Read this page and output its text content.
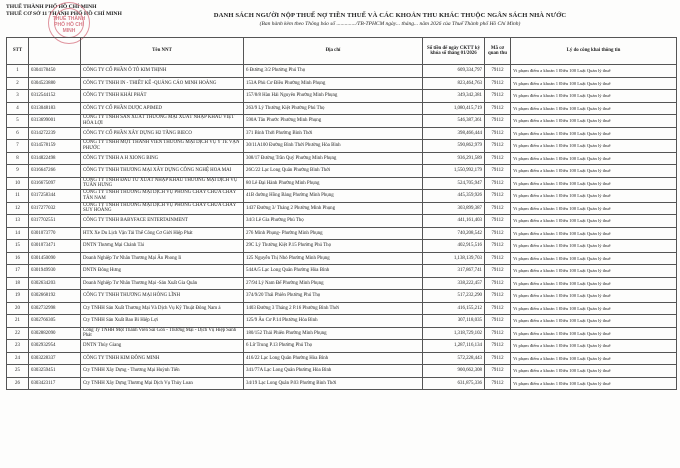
THUẾ THÀNH PHỐ HỒ CHÍ MINH
THUẾ CƠ SỞ 11 THÀNH PHỐ HỒ CHÍ MINH
THUẾ THÀNH PHỐ HỒ CHÍ MINH
DANH SÁCH NGƯỜI NỘP THUẾ NỢ TIỀN THUẾ VÀ CÁC KHOẢN THU KHÁC THUỘC NGÂN SÁCH NHÀ NƯỚC
(Ban hành kèm theo Thông báo số ............../TB-TPHCM ngày... tháng... năm 2026 của Thuế Thành phố Hồ Chí Minh)
STT		Tên NNT	Địa chỉ	Số tiền để ngày CKTT kỳ khóa số tháng 01/2026	Mã cơ quan thu	Lý do công khai thông tin
1	0304178450	CÔNG TY CỔ PHẦN Ô TÔ KIM THỊNH	6 Đường 3/2 Phường Phú Thọ	609,334,797	79112	Vi phạm điểm a khoản 1 Điều 100 Luật Quản lý thuế
2	0304523880	CÔNG TY TNHH IN - THIẾT KẾ -QUẢNG CÁO MINH HOÀNG	153A Phù Cơ Điều Phường Minh Phụng	823,464,763	79112	Vi phạm điểm a khoản 1 Điều 100 Luật Quản lý thuế
3	0312544152	CÔNG TY TNHH KHẢI PHÁT	157/8/8 Hàn Hải Nguyên Phường Minh Phụng	349,342,381	79112	Vi phạm điểm a khoản 1 Điều 100 Luật Quản lý thuế
4	0313048183	CÔNG TY CỔ PHẦN DƯỢC APIMED	263/9 Lý Thường Kiệt Phường Phú Thọ	1,080,415,719	79112	Vi phạm điểm a khoản 1 Điều 100 Luật Quản lý thuế
5	0313699001	CÔNG TY TNHH SẢN XUẤT THƯƠNG MẠI XUẤT NHẬP KHẨU VIỆT HÒA LỢI	590A Tân Phước Phường Minh Phụng	546,387,361	79112	Vi phạm điểm a khoản 1 Điều 100 Luật Quản lý thuế
6	0314272239	CÔNG TY CỔ PHẦN XÂY DỰNG H2 TĂNG BIECO	371 Bình Thới Phường Bình Thới	398,466,444	79112	Vi phạm điểm a khoản 1 Điều 100 Luật Quản lý thuế
7	0314578159	CÔNG TY TNHH MỘT THÀNH VIÊN THƯƠNG MẠI DỊCH VỤ Y TẾ VẠN PHƯỚC	30/11A100 Đường Bình Thới Phường Hòa Bình	590,862,979	79112	Vi phạm điểm a khoản 1 Điều 100 Luật Quản lý thuế
8	0314822498	CÔNG TY TNHH A H XIONG BING	308/17 Đường Trần Quý Phường Minh Phụng	936,291,589	79112	Vi phạm điểm a khoản 1 Điều 100 Luật Quản lý thuế
9	0316647266	CÔNG TY TNHH THƯƠNG MẠI XÂY DỰNG CÔNG NGHỆ HOA MAI	26C/22 Lạc Long Quân Phường Bình Thới	1,550,992,179	79112	Vi phạm điểm a khoản 1 Điều 100 Luật Quản lý thuế
10	0316675097	CÔNG TY TNHH ĐẦU TƯ XUẤT NHẬP KHẨU THƯƠNG MẠI DỊCH VỤ TUẤN HƯNG	80 Lê Đại Hành Phường Minh Phụng	524,705,947	79112	Vi phạm điểm a khoản 1 Điều 100 Luật Quản lý thuế
11	0317258344	CÔNG TY TNHH THƯƠNG MẠI DỊCH VỤ PHÒNG CHÁY CHỮA CHÁY TÂN NAM	41B đường Hồng Bàng Phường Minh Phụng	445,359,926	79112	Vi phạm điểm a khoản 1 Điều 100 Luật Quản lý thuế
12	0317277032	CÔNG TY TNHH THƯƠNG MẠI DỊCH VỤ PHÒNG CHÁY CHỮA CHÁY SUY HOÀNG	1437 Đường 3/ Tháng 2 Phường Minh Phụng	303,899,387	79112	Vi phạm điểm a khoản 1 Điều 100 Luật Quản lý thuế
13	0317702551	CÔNG TY TNHH BABYFACE ENTERTAINMENT	34/3 Lê Gia Phường Phú Thọ	441,161,403	79112	Vi phạm điểm a khoản 1 Điều 100 Luật Quản lý thuế
14	0301073770	HTX Xe Du Lịch Vận Tải Thể Công Cơ Giới Hiệp Phát	276 Minh Phụng- Phường Minh Phụng	740,208,542	79112	Vi phạm điểm a khoản 1 Điều 100 Luật Quản lý thuế
15	0301073471	DNTN Thương Mại Chánh Tài	29C Lý Thường Kiệt P.15 Phường Phú Thọ	402,915,516	79112	Vi phạm điểm a khoản 1 Điều 100 Luật Quản lý thuế
16	0301450090	Doanh Nghiệp Tư Nhân Thương Mại Ân Phong Ii	125 Nguyễn Thị Nhỏ Phường Minh Phụng	1,138,139,703	79112	Vi phạm điểm a khoản 1 Điều 100 Luật Quản lý thuế
17	0301949930	DNTN Đông Hưng	544A/5 Lạc Long Quân Phường Hòa Bình	317,867,741	79112	Vi phạm điểm a khoản 1 Điều 100 Luật Quản lý thuế
18	0302634203	Doanh Nghiệp Tư Nhân Thương Mại -Sản Xuất Gia Quân	27/94 Lý Nam Đế Phường Minh Phụng	338,222,457	79112	Vi phạm điểm a khoản 1 Điều 100 Luật Quản lý thuế
19	0302668192	CÔNG TY TNHH THƯƠNG MẠI HÒNG LĨNH	374/9/20 Thái Phiên Phường Phú Thọ	517,232,290	79112	Vi phạm điểm a khoản 1 Điều 100 Luật Quản lý thuế
20	0302732998	Cty TNHH Sản Xuất Thương Mại Và Dịch Vụ Kỹ Thuật Đông Nam á	1403 Đường 3 Tháng 2 P.16 Phường Bình Thới	416,155,212	79112	Vi phạm điểm a khoản 1 Điều 100 Luật Quản lý thuế
21	0302766305	Cty TNHH Sản Xuất Bao Bì Hiệp Lợi	125/9 Âu Cơ P.14 Phường Hòa Bình	307,118,035	79112	Vi phạm điểm a khoản 1 Điều 100 Luật Quản lý thuế
22	0302882090	Công Ty TNHH Một Thành Viên Sài Gòn - Thương Mại - Dịch Vụ Hiệp Sanh Phát	180/152 Thái Phiên Phường Minh Phụng	1,318,729,102	79112	Vi phạm điểm a khoản 1 Điều 100 Luật Quản lý thuế
23	0302932954	DNTN Thúy Giang	6 Lữ Trung P.13 Phường Phú Thọ	1,287,116,134	79112	Vi phạm điểm a khoản 1 Điều 100 Luật Quản lý thuế
24	0303228337	CÔNG TY TNHH KIM ĐÔNG MINH	416/22 Lạc Long Quân Phường Hòa Bình	572,228,443	79112	Vi phạm điểm a khoản 1 Điều 100 Luật Quản lý thuế
25	0303259451	Cty TNHH Xây Dựng - Thương Mại Huỳnh Tiến	341/77A Lạc Long Quân Phường Hòa Bình	900,662,308	79112	Vi phạm điểm a khoản 1 Điều 100 Luật Quản lý thuế
26	0303423117	Cty TNHH Xây Dựng Thương Mại Dịch Vụ Thủy Loan	34/19 Lạc Long Quân P.03 Phường Bình Thới	631,875,336	79112	Vi phạm điểm a khoản 1 Điều 100 Luật Quản lý thuế
